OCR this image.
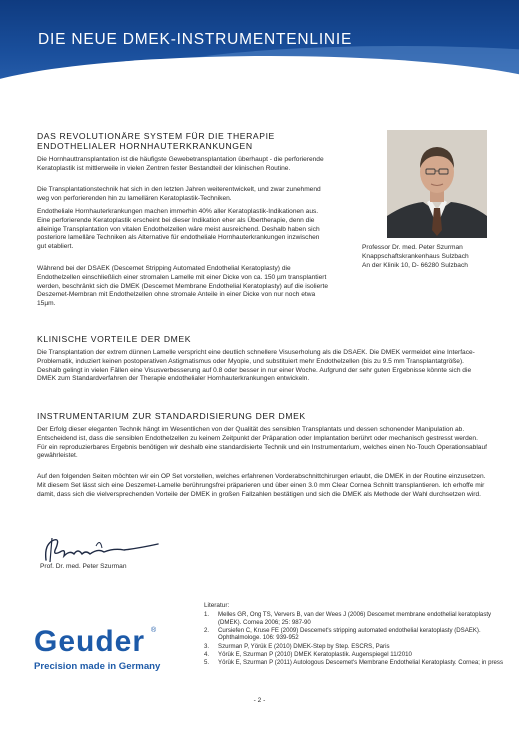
DIE NEUE DMEK-INSTRUMENTENLINIE
DAS REVOLUTIONÄRE SYSTEM FÜR DIE THERAPIE
ENDOTHELIALER HORNHAUTERKRANKUNGEN
Die Hornhauttransplantation ist die häufigste Gewebetransplantation überhaupt - die perforierende Keratoplastik ist mittlerweile in vielen Zentren fester Bestandteil der klinischen Routine.
Die Transplantationstechnik hat sich in den letzten Jahren weiterentwickelt, und zwar zunehmend weg von perforierenden hin zu lamellären Keratoplastik-Techniken.
Endotheliale Hornhauterkrankungen machen immerhin 40% aller Keratoplastik-Indikationen aus. Eine perforierende Keratoplastik erscheint bei dieser Indikation eher als Übertherapie, denn die alleinige Transplantation von vitalen Endothelzellen wäre meist ausreichend. Deshalb haben sich posteriore lamelläre Techniken als Alternative für endotheliale Hornhauterkrankungen inzwischen gut etabliert.
Während bei der DSAEK (Descemet Stripping Automated Endothelial Keratoplasty) die Endothelzellen einschließlich einer stromalen Lamelle mit einer Dicke von ca. 150 µm transplantiert werden, beschränkt sich die DMEK (Descemet Membrane Endothelial Keratoplasty) auf die isolierte Deszemet-Membran mit Endothelzellen ohne stromale Anteile in einer Dicke von nur noch etwa 15µm.
Professor Dr. med. Peter Szurman
Knappschaftskrankenhaus Sulzbach
An der Klinik 10, D- 66280 Sulzbach
KLINISCHE VORTEILE DER DMEK
Die Transplantation der extrem dünnen Lamelle verspricht eine deutlich schnellere Visuserholung als die DSAEK. Die DMEK vermeidet eine Interface-Problematik, induziert keinen postoperativen Astigmatismus oder Myopie, und substituiert mehr Endothelzellen (bis zu 9.5 mm Transplantatgröße). Deshalb gelingt in vielen Fällen eine Visusverbesserung auf 0.8 oder besser in nur einer Woche. Aufgrund der sehr guten Ergebnisse könnte sich die DMEK zum Standardverfahren der Therapie endothelialer Hornhauterkrankungen entwickeln.
INSTRUMENTARIUM ZUR STANDARDISIERUNG DER DMEK
Der Erfolg dieser eleganten Technik hängt im Wesentlichen von der Qualität des sensiblen Transplantats und dessen schonender Manipulation ab. Entscheidend ist, dass die sensiblen Endothelzellen zu keinem Zeitpunkt der Präparation oder Implantation berührt oder mechanisch gestresst werden. Für ein reproduzierbares Ergebnis benötigen wir deshalb eine standardisierte Technik und ein Instrumentarium, welches einen No-Touch Operationsablauf gewährleistet.
Auf den folgenden Seiten möchten wir ein OP Set vorstellen, welches erfahrenen Vorderabschnittchirurgen erlaubt, die DMEK in der Routine einzusetzen. Mit diesem Set lässt sich eine Deszemet-Lamelle berührungsfrei präparieren und über einen 3.0 mm Clear Cornea Schnitt transplantieren. Ich erhoffe mir damit, dass sich die vielversprechenden Vorteile der DMEK in großen Fallzahlen bestätigen und sich die DMEK als Methode der Wahl durchsetzen wird.
Prof. Dr. med. Peter Szurman
Geuder ®
Precision made in Germany
Literatur:
1.	Melles GR, Ong TS, Ververs B, van der Wees J (2006) Descemet membrane endothelial keratoplasty (DMEK). Cornea 2006; 25: 987-90
2.	Cursiefen C, Kruse FE (2009) Descemet's stripping automated endothelial keratoplasty (DSAEK). Ophthalmologe. 106: 939-952
3.	Szurman P, Yörük E (2010) DMEK-Step by Step. ESCRS, Paris
4.	Yörük E, Szurman P (2010) DMEK Keratoplastik. Augenspiegel 11/2010
5.	Yörük E, Szurman P (2011) Autologous Descemet's Membrane Endothelial Keratoplasty. Cornea; in press
- 2 -
